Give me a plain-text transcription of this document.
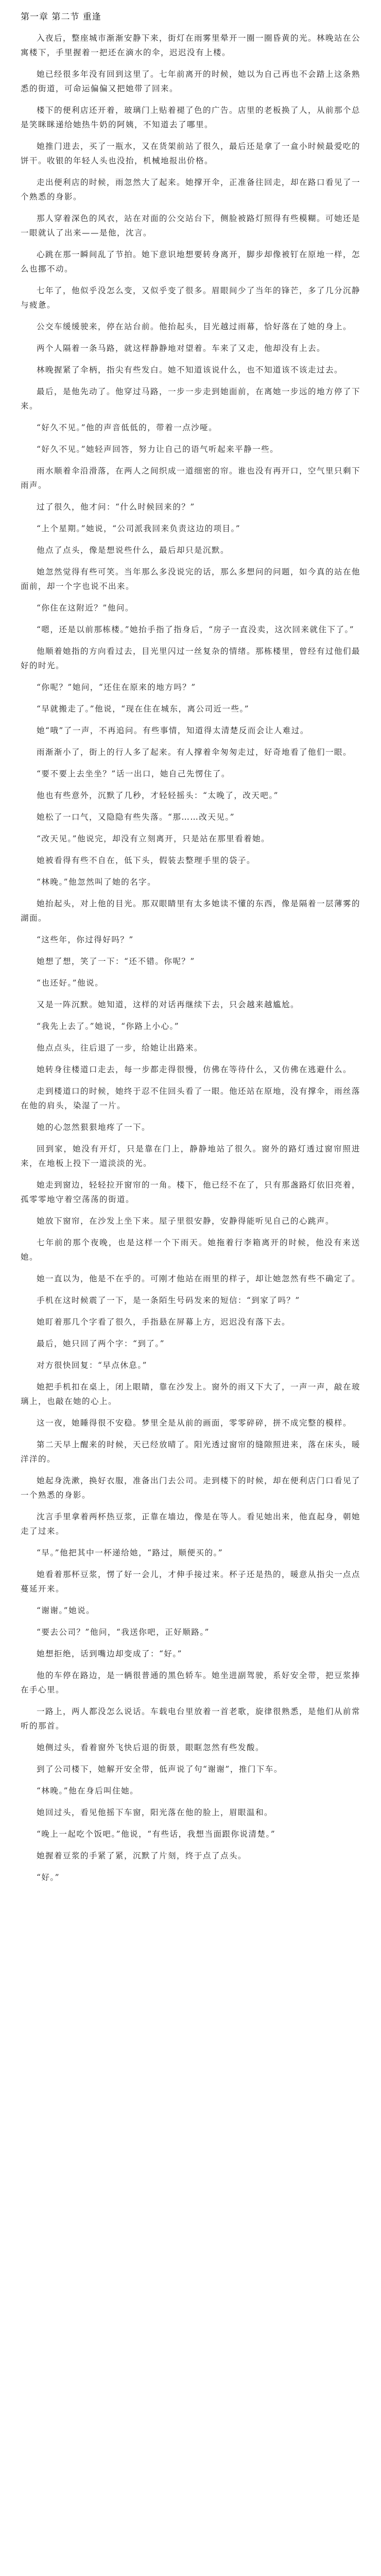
第一章 第二节 重逢

入夜后，整座城市渐渐安静下来，街灯在雨雾里晕开一圈一圈昏黄的光。林晚站在公寓楼下，手里握着一把还在滴水的伞，迟迟没有上楼。

她已经很多年没有回到这里了。七年前离开的时候，她以为自己再也不会踏上这条熟悉的街道，可命运偏偏又把她带了回来。

楼下的便利店还开着，玻璃门上贴着褪了色的广告。店里的老板换了人，从前那个总是笑眯眯递给她热牛奶的阿姨，不知道去了哪里。

她推门进去，买了一瓶水，又在货架前站了很久，最后还是拿了一盒小时候最爱吃的饼干。收银的年轻人头也没抬，机械地报出价格。

走出便利店的时候，雨忽然大了起来。她撑开伞，正准备往回走，却在路口看见了一个熟悉的身影。

那人穿着深色的风衣，站在对面的公交站台下，侧脸被路灯照得有些模糊。可她还是一眼就认了出来——是他，沈言。

心跳在那一瞬间乱了节拍。她下意识地想要转身离开，脚步却像被钉在原地一样，怎么也挪不动。

七年了，他似乎没怎么变，又似乎变了很多。眉眼间少了当年的锋芒，多了几分沉静与疲惫。

公交车缓缓驶来，停在站台前。他抬起头，目光越过雨幕，恰好落在了她的身上。

两个人隔着一条马路，就这样静静地对望着。车来了又走，他却没有上去。

林晚握紧了伞柄，指尖有些发白。她不知道该说什么，也不知道该不该走过去。

最后，是他先动了。他穿过马路，一步一步走到她面前，在离她一步远的地方停了下来。

“好久不见。”他的声音低低的，带着一点沙哑。

“好久不见。”她轻声回答，努力让自己的语气听起来平静一些。

雨水顺着伞沿滑落，在两人之间织成一道细密的帘。谁也没有再开口，空气里只剩下雨声。

过了很久，他才问：“什么时候回来的？”

“上个星期。”她说，“公司派我回来负责这边的项目。”

他点了点头，像是想说些什么，最后却只是沉默。

她忽然觉得有些可笑。当年那么多没说完的话，那么多想问的问题，如今真的站在他面前，却一个字也说不出来。

“你住在这附近？”他问。

“嗯，还是以前那栋楼。”她抬手指了指身后，“房子一直没卖，这次回来就住下了。”

他顺着她指的方向看过去，目光里闪过一丝复杂的情绪。那栋楼里，曾经有过他们最好的时光。

“你呢？”她问，“还住在原来的地方吗？”

“早就搬走了。”他说，“现在住在城东，离公司近一些。”

她“哦”了一声，不再追问。有些事情，知道得太清楚反而会让人难过。

雨渐渐小了，街上的行人多了起来。有人撑着伞匆匆走过，好奇地看了他们一眼。

“要不要上去坐坐？”话一出口，她自己先愣住了。

他也有些意外，沉默了几秒，才轻轻摇头：“太晚了，改天吧。”

她松了一口气，又隐隐有些失落。“那……改天见。”

“改天见。”他说完，却没有立刻离开，只是站在那里看着她。

她被看得有些不自在，低下头，假装去整理手里的袋子。

“林晚。”他忽然叫了她的名字。

她抬起头，对上他的目光。那双眼睛里有太多她读不懂的东西，像是隔着一层薄雾的湖面。

“这些年，你过得好吗？”

她想了想，笑了一下：“还不错。你呢？”

“也还好。”他说。

又是一阵沉默。她知道，这样的对话再继续下去，只会越来越尴尬。

“我先上去了。”她说，“你路上小心。”

他点点头，往后退了一步，给她让出路来。

她转身往楼道口走去，每一步都走得很慢，仿佛在等待什么，又仿佛在逃避什么。

走到楼道口的时候，她终于忍不住回头看了一眼。他还站在原地，没有撑伞，雨丝落在他的肩头，染湿了一片。

她的心忽然狠狠地疼了一下。

回到家，她没有开灯，只是靠在门上，静静地站了很久。窗外的路灯透过窗帘照进来，在地板上投下一道淡淡的光。

她走到窗边，轻轻拉开窗帘的一角。楼下，他已经不在了，只有那盏路灯依旧亮着，孤零零地守着空荡荡的街道。

她放下窗帘，在沙发上坐下来。屋子里很安静，安静得能听见自己的心跳声。

七年前的那个夜晚，也是这样一个下雨天。她拖着行李箱离开的时候，他没有来送她。

她一直以为，他是不在乎的。可刚才他站在雨里的样子，却让她忽然有些不确定了。

手机在这时候震了一下，是一条陌生号码发来的短信：“到家了吗？”

她盯着那几个字看了很久，手指悬在屏幕上方，迟迟没有落下去。

最后，她只回了两个字：“到了。”

对方很快回复：“早点休息。”

她把手机扣在桌上，闭上眼睛，靠在沙发上。窗外的雨又下大了，一声一声，敲在玻璃上，也敲在她的心上。

这一夜，她睡得很不安稳。梦里全是从前的画面，零零碎碎，拼不成完整的模样。

第二天早上醒来的时候，天已经放晴了。阳光透过窗帘的缝隙照进来，落在床头，暖洋洋的。

她起身洗漱，换好衣服，准备出门去公司。走到楼下的时候，却在便利店门口看见了一个熟悉的身影。

沈言手里拿着两杯热豆浆，正靠在墙边，像是在等人。看见她出来，他直起身，朝她走了过来。

“早。”他把其中一杯递给她，“路过，顺便买的。”

她看着那杯豆浆，愣了好一会儿，才伸手接过来。杯子还是热的，暖意从指尖一点点蔓延开来。

“谢谢。”她说。

“要去公司？”他问，“我送你吧，正好顺路。”

她想拒绝，话到嘴边却变成了：“好。”

他的车停在路边，是一辆很普通的黑色轿车。她坐进副驾驶，系好安全带，把豆浆捧在手心里。

一路上，两人都没怎么说话。车载电台里放着一首老歌，旋律很熟悉，是他们从前常听的那首。

她侧过头，看着窗外飞快后退的街景，眼眶忽然有些发酸。

到了公司楼下，她解开安全带，低声说了句“谢谢”，推门下车。

“林晚。”他在身后叫住她。

她回过头，看见他摇下车窗，阳光落在他的脸上，眉眼温和。

“晚上一起吃个饭吧。”他说，“有些话，我想当面跟你说清楚。”

她握着豆浆的手紧了紧，沉默了片刻，终于点了点头。

“好。”
